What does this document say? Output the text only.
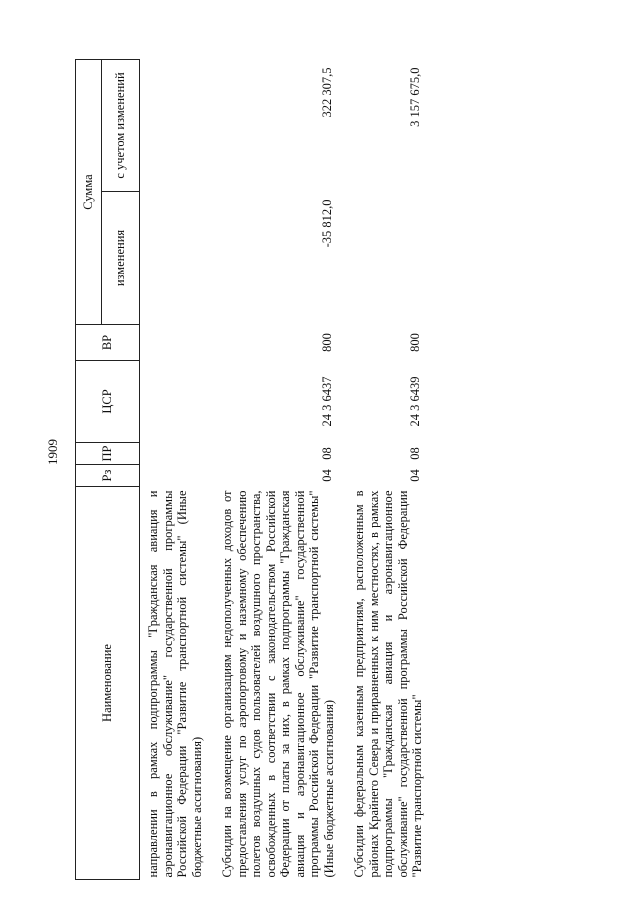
1909
Наименование	Рз	ПР	ЦСР	ВР	Сумма	
					изменения	с учетом изменений
направлении в рамках подпрограммы "Гражданская авиация и аэронавигационное обслуживание" государственной программы Российской Федерации "Развитие транспортной системы" (Иные бюджетные ассигнования)						
Субсидии на возмещение организациям недополученных доходов от предоставления услуг по аэропортовому и наземному обеспечению полетов воздушных судов пользователей воздушного пространства, освобожденных в соответствии с законодательством Российской Федерации от платы за них, в рамках подпрограммы "Гражданская авиация и аэронавигационное обслуживание" государственной программы Российской Федерации "Развитие транспортной системы" (Иные бюджетные ассигнования)	04	08	24 3 6437	800	-35 812,0	322 307,5
Субсидии федеральным казенным предприятиям, расположенным в районах Крайнего Севера и приравненных к ним местностях, в рамках подпрограммы "Гражданская авиация и аэронавигационное обслуживание" государственной программы Российской Федерации "Развитие транспортной системы"	04	08	24 3 6439	800		3 157 675,0
